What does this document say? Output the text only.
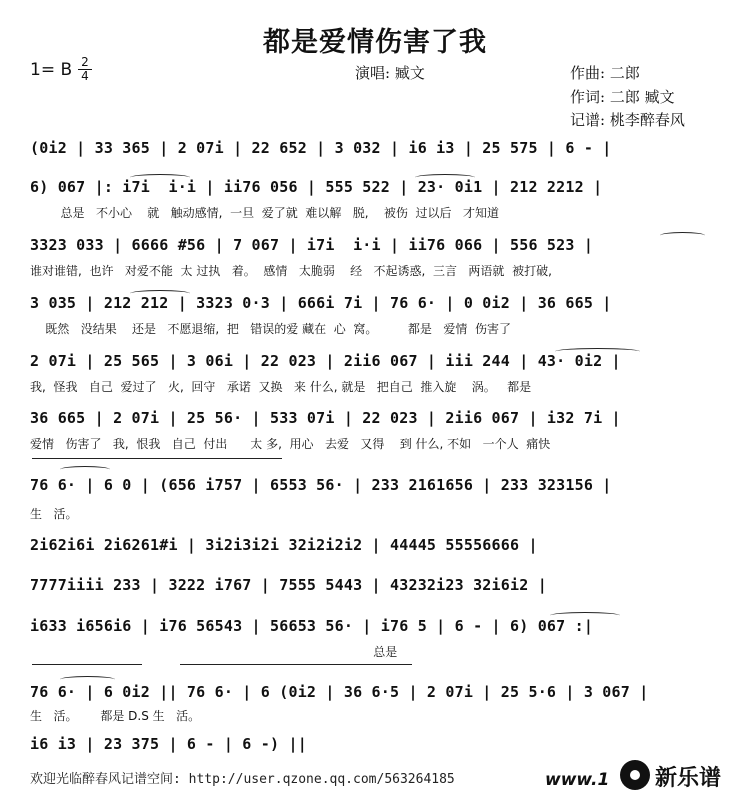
都是爱情伤害了我
1= B 2
4	演唱: 臧文	作曲: 二郎
作词: 二郎 臧文
记谱: 桃李醉春风
(0i2 | 33 365 | 2 07i | 22 652 | 3 032 | i6 i3 | 25 575 | 6 - |
6) 067 |: i7i  i·i | ii76 056 | 555 522 | 23· 0i1 | 212 2212 |
总是   不小心    就   触动感情,  一旦  爱了就  难以解   脱,    被伤  过以后   才知道
3323 033 | 6666 #56 | 7 067 | i7i  i·i | ii76 066 | 556 523 |
谁对谁错,  也许   对爱不能  太 过执   着。  感情   太脆弱    经   不起诱惑,  三言   两语就  被打破,
3 035 | 212 212 | 3323 0·3 | 666i 7i | 76 6· | 0 0i2 | 36 665 |
既然   没结果    还是   不愿退缩,  把   错误的爱 藏在  心  窝。        都是   爱情  伤害了
2 07i | 25 565 | 3 06i | 22 023 | 2ii6 067 | iii 244 | 43· 0i2 |
我,  怪我   自己  爱过了   火,  回守   承诺  又换   来 什么, 就是   把自己  推入旋    涡。   都是
36 665 | 2 07i | 25 56· | 533 07i | 22 023 | 2ii6 067 | i32 7i |
爱情   伤害了   我,  恨我   自己  付出      太 多,  用心   去爱   又得    到 什么, 不如   一个人  痛快
76 6· | 6 0 | (656 i757 | 6553 56· | 233 2161656 | 233 323156 |
生   活。
2i62i6i 2i6261#i | 3i2i3i2i 32i2i2i2 | 44445 55556666 |
7777iiii 233 | 3222 i767 | 7555 5443 | 43232i23 32i6i2 |
i633 i656i6 | i76 56543 | 56653 56· | i76 5 | 6 - | 6) 067 :|
总是
76 6· | 6 0i2 || 76 6· | 6 (0i2 | 36 6·5 | 2 07i | 25 5·6 | 3 067 |
生   活。      都是 D.S 生   活。
i6 i3 | 23 375 | 6 - | 6 -) ||
欢迎光临醉春风记谱空间: http://user.qzone.qq.com/563264185	www.1 新乐谱
